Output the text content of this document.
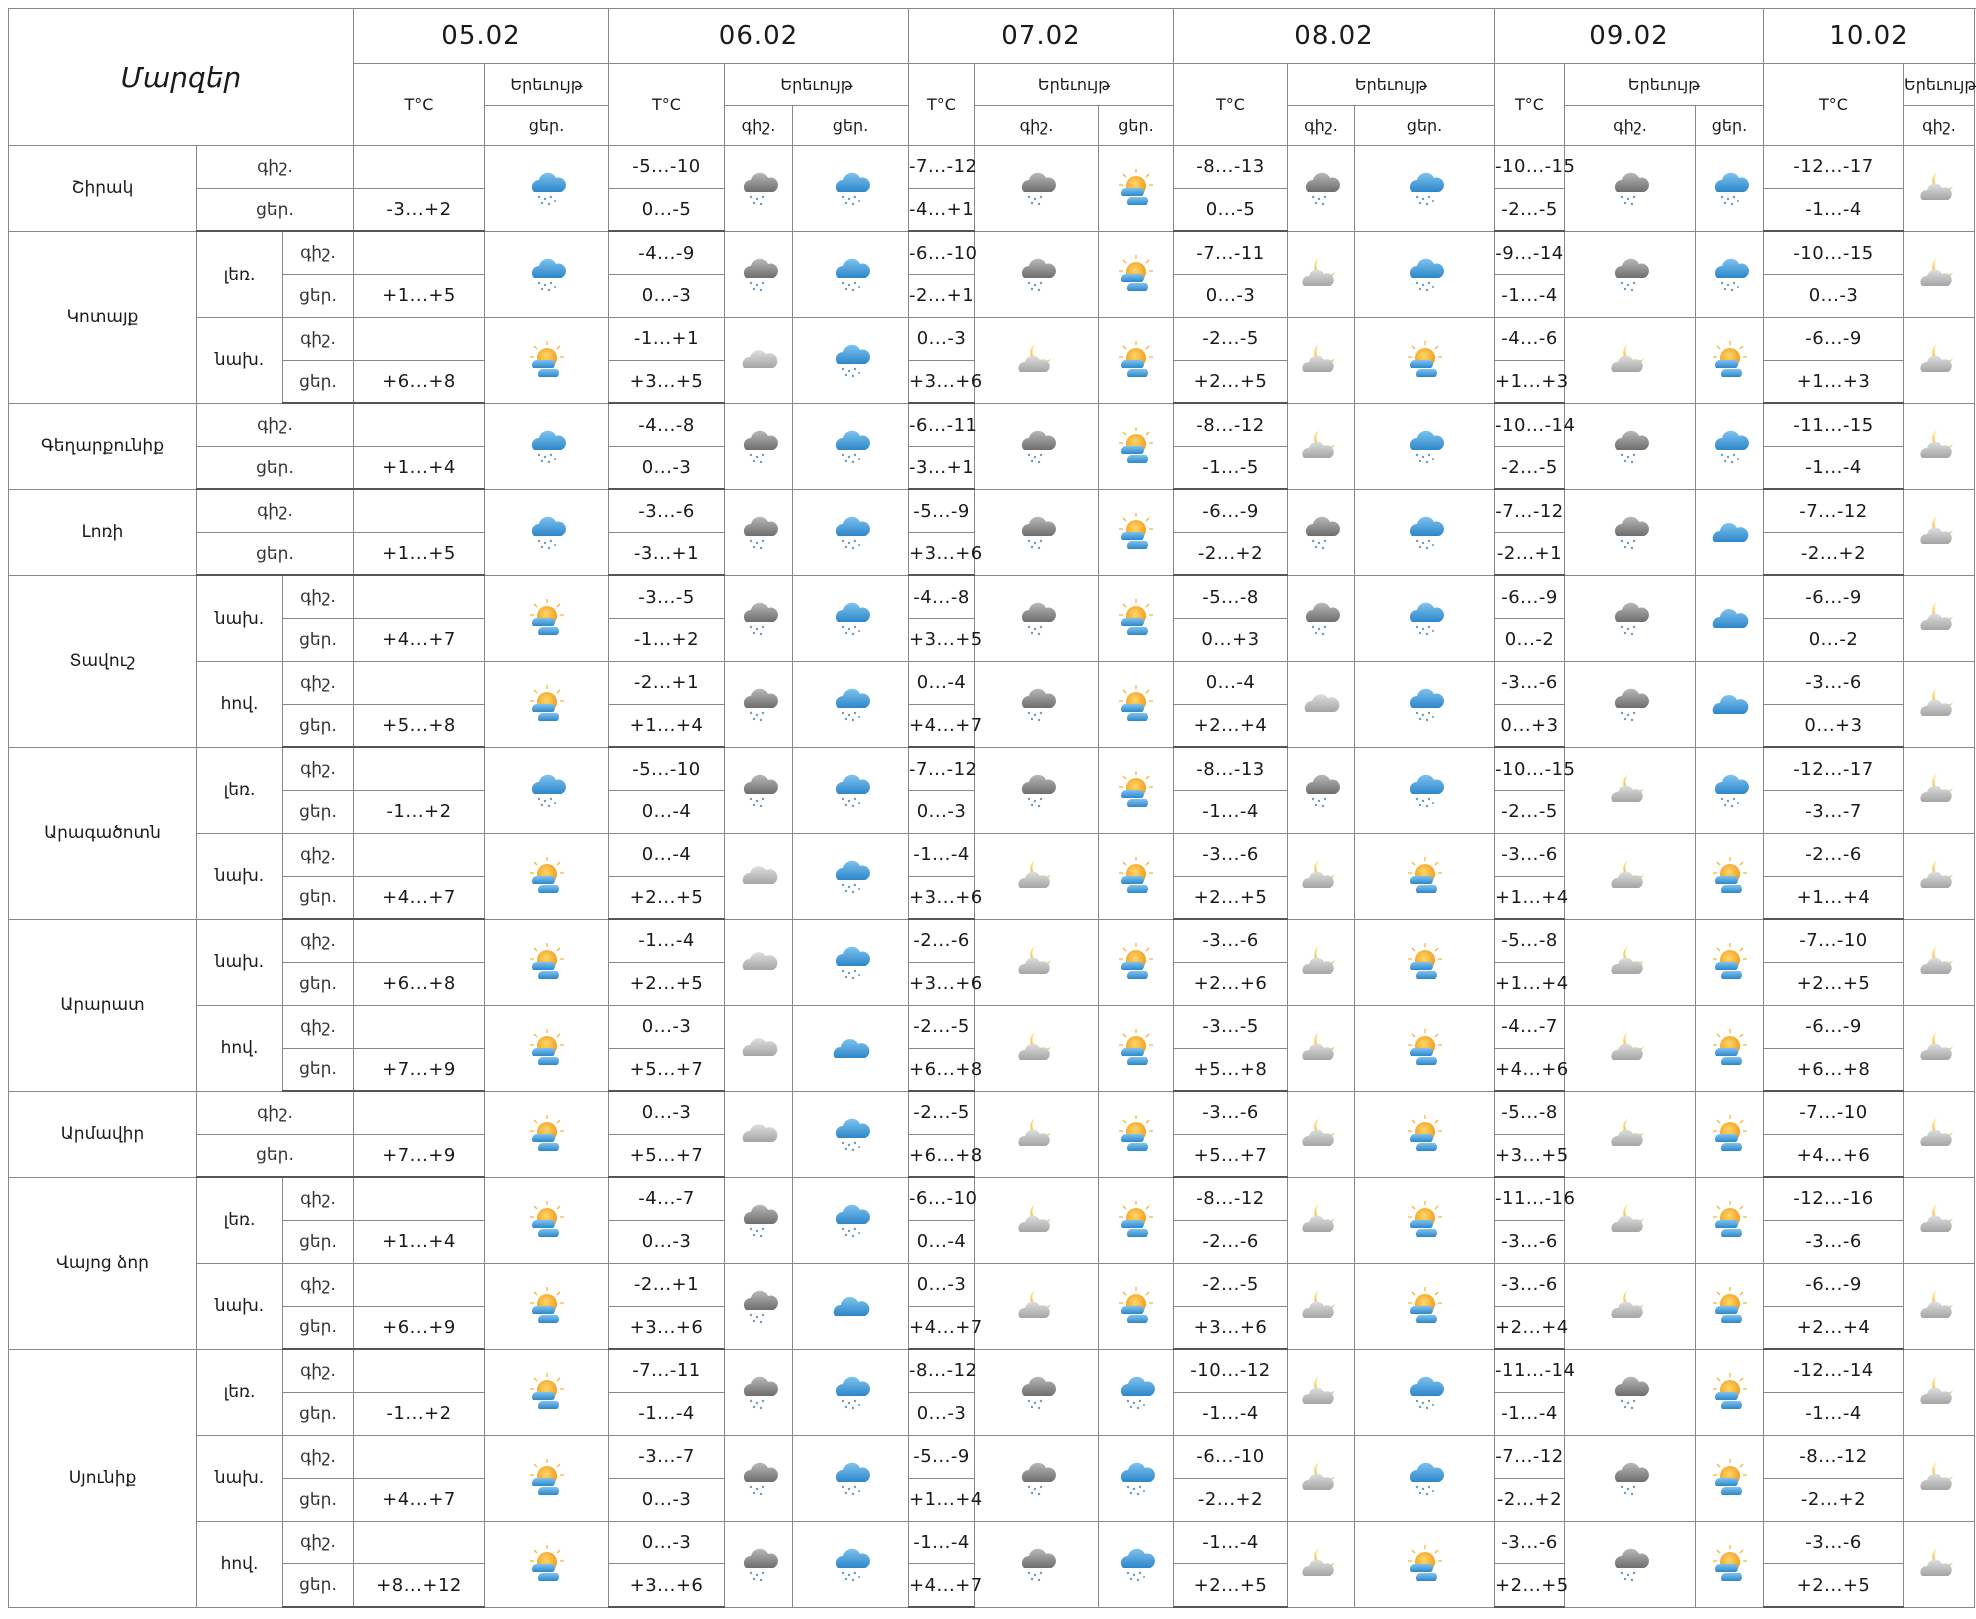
Մարզեր			05.02		06.02			07.02			08.02			09.02			10.02		
			T°C	Երեւույթ	T°C	Երեւույթ		T°C	Երեւույթ		T°C	Երեւույթ		T°C	Երեւույթ		T°C	Երեւույթ	
				ցեր.		գիշ.	ցեր.		գիշ.	ցեր.		գիշ.	ցեր.		գիշ.	ցեր.		գիշ.	
Շիրակ	գիշ.				-5...-10			-7...-12			-8...-13			-10...-15			-12...-17	

	ցեր.		-3...+2		0...-5			-4...+1			0...-5			-2...-5			-1...-4		
Կոտայք	լեռ.	գիշ.			-4...-9			-6...-10			-7...-11			-9...-14			-10...-15	

		ցեր.	+1...+5		0...-3			-2...+1			0...-3			-1...-4			0...-3		
	նախ.	գիշ.			-1...+1			0...-3			-2...-5			-4...-6			-6...-9	

		ցեր.	+6...+8		+3...+5			+3...+6			+2...+5			+1...+3			+1...+3		
Գեղարքունիք	գիշ.				-4...-8			-6...-11			-8...-12			-10...-14			-11...-15	

	ցեր.		+1...+4		0...-3			-3...+1			-1...-5			-2...-5			-1...-4		
Լոռի	գիշ.				-3...-6			-5...-9			-6...-9			-7...-12			-7...-12	

	ցեր.		+1...+5		-3...+1			+3...+6			-2...+2			-2...+1			-2...+2		
Տավուշ	նախ.	գիշ.			-3...-5			-4...-8			-5...-8			-6...-9			-6...-9	

		ցեր.	+4...+7		-1...+2			+3...+5			0...+3			0...-2			0...-2		
	հով.	գիշ.			-2...+1			0...-4			0...-4			-3...-6			-3...-6	

		ցեր.	+5...+8		+1...+4			+4...+7			+2...+4			0...+3			0...+3		
Արագածոտն	լեռ.	գիշ.			-5...-10			-7...-12			-8...-13			-10...-15			-12...-17	

		ցեր.	-1...+2		0...-4			0...-3			-1...-4			-2...-5			-3...-7		
	նախ.	գիշ.			0...-4			-1...-4			-3...-6			-3...-6			-2...-6	

		ցեր.	+4...+7		+2...+5			+3...+6			+2...+5			+1...+4			+1...+4		
Արարատ	նախ.	գիշ.			-1...-4			-2...-6			-3...-6			-5...-8			-7...-10	

		ցեր.	+6...+8		+2...+5			+3...+6			+2...+6			+1...+4			+2...+5		
	հով.	գիշ.			0...-3			-2...-5			-3...-5			-4...-7			-6...-9	

		ցեր.	+7...+9		+5...+7			+6...+8			+5...+8			+4...+6			+6...+8		
Արմավիր	գիշ.				0...-3			-2...-5			-3...-6			-5...-8			-7...-10	

	ցեր.		+7...+9		+5...+7			+6...+8			+5...+7			+3...+5			+4...+6		
Վայոց ձոր	լեռ.	գիշ.			-4...-7			-6...-10			-8...-12			-11...-16			-12...-16	

		ցեր.	+1...+4		0...-3			0...-4			-2...-6			-3...-6			-3...-6		
	նախ.	գիշ.			-2...+1			0...-3			-2...-5			-3...-6			-6...-9	

		ցեր.	+6...+9		+3...+6			+4...+7			+3...+6			+2...+4			+2...+4		
Սյունիք	լեռ.	գիշ.			-7...-11			-8...-12			-10...-12			-11...-14			-12...-14	

		ցեր.	-1...+2		-1...-4			0...-3			-1...-4			-1...-4			-1...-4		
	նախ.	գիշ.			-3...-7			-5...-9			-6...-10			-7...-12			-8...-12	

		ցեր.	+4...+7		0...-3			+1...+4			-2...+2			-2...+2			-2...+2		
	հով.	գիշ.			0...-3			-1...-4			-1...-4			-3...-6			-3...-6	

		ցեր.	+8...+12		+3...+6			+4...+7			+2...+5			+2...+5			+2...+5		
